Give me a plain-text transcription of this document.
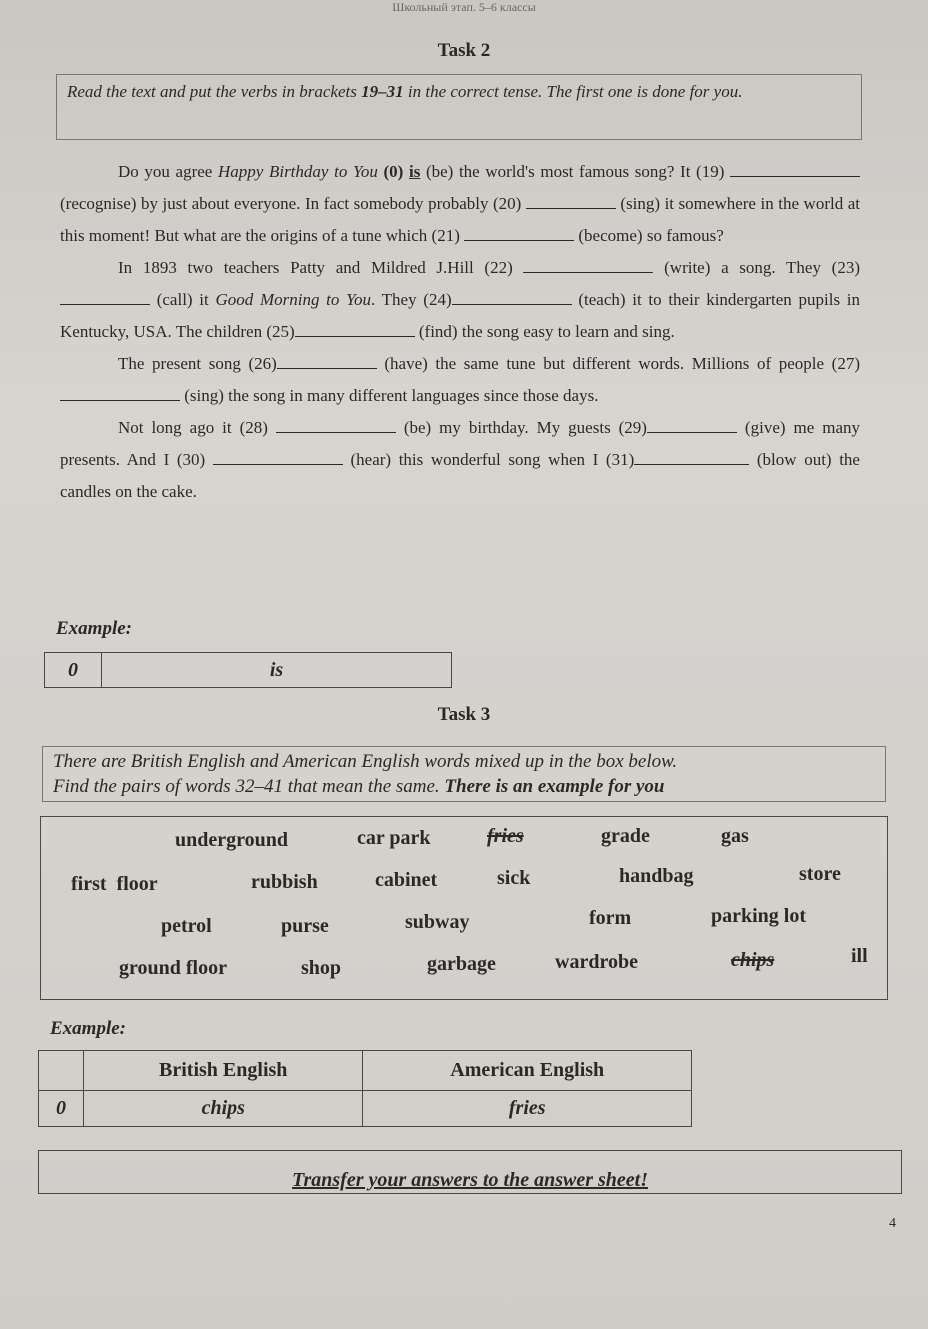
Школьный этап. 5–6 классы
Task 2
Read the text and put the verbs in brackets 19–31 in the correct tense. The first one is done for you.

Do you agree Happy Birthday to You (0) is (be) the world's most famous song? It (19)  (recognise) by just about everyone. In fact somebody probably (20)	(sing) it somewhere in the world at this moment! But what are the origins of a tune which (21)	(become) so famous?

In 1893 two teachers Patty and Mildred J.Hill (22)	(write) a song. They (23)  (call) it Good Morning to You. They (24)	(teach) it to their kindergarten pupils in Kentucky, USA. The children (25)	(find) the song easy to learn and sing.

The present song (26)	(have) the same tune but different words. Millions of people (27)  (sing) the song in many different languages since those days.

Not long ago it (28)	(be) my birthday. My guests (29)	(give) me many presents. And I (30)	(hear) this wonderful song when I (31)	(blow out) the candles on the cake.

Example:
0	is
Task 3
There are British English and American English words mixed up in the box below.
Find the pairs of words 32–41 that mean the same. There is an example for you
underground	car park	fries	grade	gas
first  floor	rubbish	cabinet	sick	handbag	store
petrol	purse	subway	form	parking lot
ground floor	shop	garbage	wardrobe	chips	ill
Example:
	British English	American English
0	chips	fries
Transfer your answers to the answer sheet!
4
